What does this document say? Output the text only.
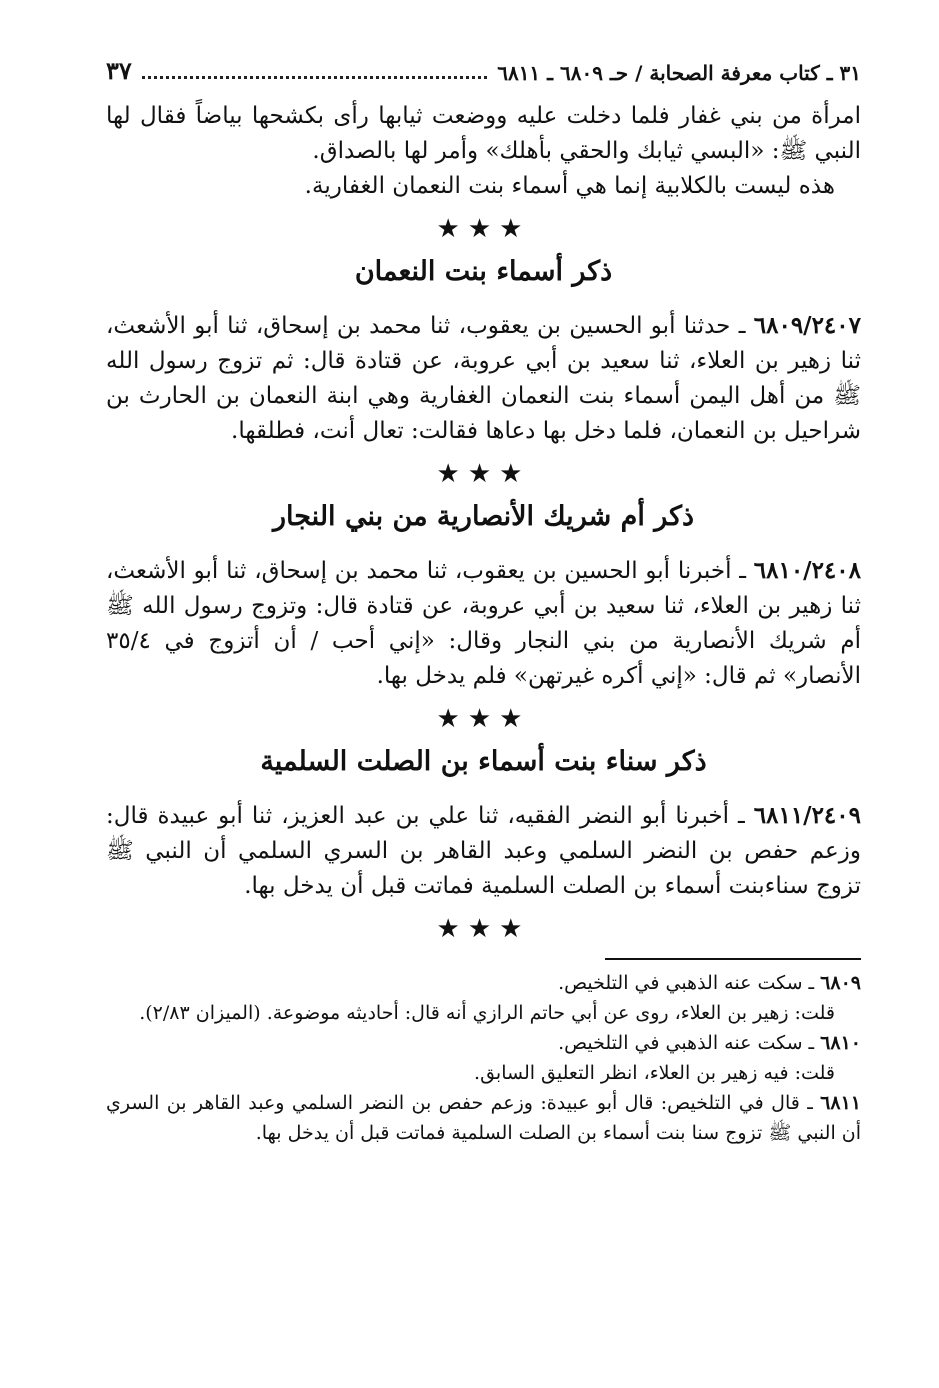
٣١ ـ كتاب معرفة الصحابة / حـ ٦٨٠٩ ـ ٦٨١١
٣٧

امرأة من بني غفار فلما دخلت عليه ووضعت ثيابها رأى بكشحها بياضاً فقال لها النبي ﷺ: «البسي ثيابك والحقي بأهلك» وأمر لها بالصداق.

هذه ليست بالكلابية إنما هي أسماء بنت النعمان الغفارية.

★★★
ذكر أسماء بنت النعمان

٦٨٠٩/٢٤٠٧ ـ حدثنا أبو الحسين بن يعقوب، ثنا محمد بن إسحاق، ثنا أبو الأشعث، ثنا زهير بن العلاء، ثنا سعيد بن أبي عروبة، عن قتادة قال: ثم تزوج رسول الله ﷺ من أهل اليمن أسماء بنت النعمان الغفارية وهي ابنة النعمان بن الحارث بن شراحيل بن النعمان، فلما دخل بها دعاها فقالت: تعال أنت، فطلقها.

★★★
ذكر أم شريك الأنصارية من بني النجار

٦٨١٠/٢٤٠٨ ـ أخبرنا أبو الحسين بن يعقوب، ثنا محمد بن إسحاق، ثنا أبو الأشعث، ثنا زهير بن العلاء، ثنا سعيد بن أبي عروبة، عن قتادة قال: وتزوج رسول الله ﷺ أم شريك الأنصارية من بني النجار وقال: «إني أحب / أن أتزوج في ٣٥/٤ الأنصار» ثم قال: «إني أكره غيرتهن» فلم يدخل بها.

★★★
ذكر سناء بنت أسماء بن الصلت السلمية

٦٨١١/٢٤٠٩ ـ أخبرنا أبو النضر الفقيه، ثنا علي بن عبد العزيز، ثنا أبو عبيدة قال: وزعم حفص بن النضر السلمي وعبد القاهر بن السري السلمي أن النبي ﷺ تزوج سناءبنت أسماء بن الصلت السلمية فماتت قبل أن يدخل بها.

★★★

٦٨٠٩ ـ سكت عنه الذهبي في التلخيص.

قلت: زهير بن العلاء، روى عن أبي حاتم الرازي أنه قال: أحاديثه موضوعة. (الميزان ٢/٨٣).

٦٨١٠ ـ سكت عنه الذهبي في التلخيص.

قلت: فيه زهير بن العلاء، انظر التعليق السابق.

٦٨١١ ـ قال في التلخيص: قال أبو عبيدة: وزعم حفص بن النضر السلمي وعبد القاهر بن السري أن النبي ﷺ تزوج سنا بنت أسماء بن الصلت السلمية فماتت قبل أن يدخل بها.
